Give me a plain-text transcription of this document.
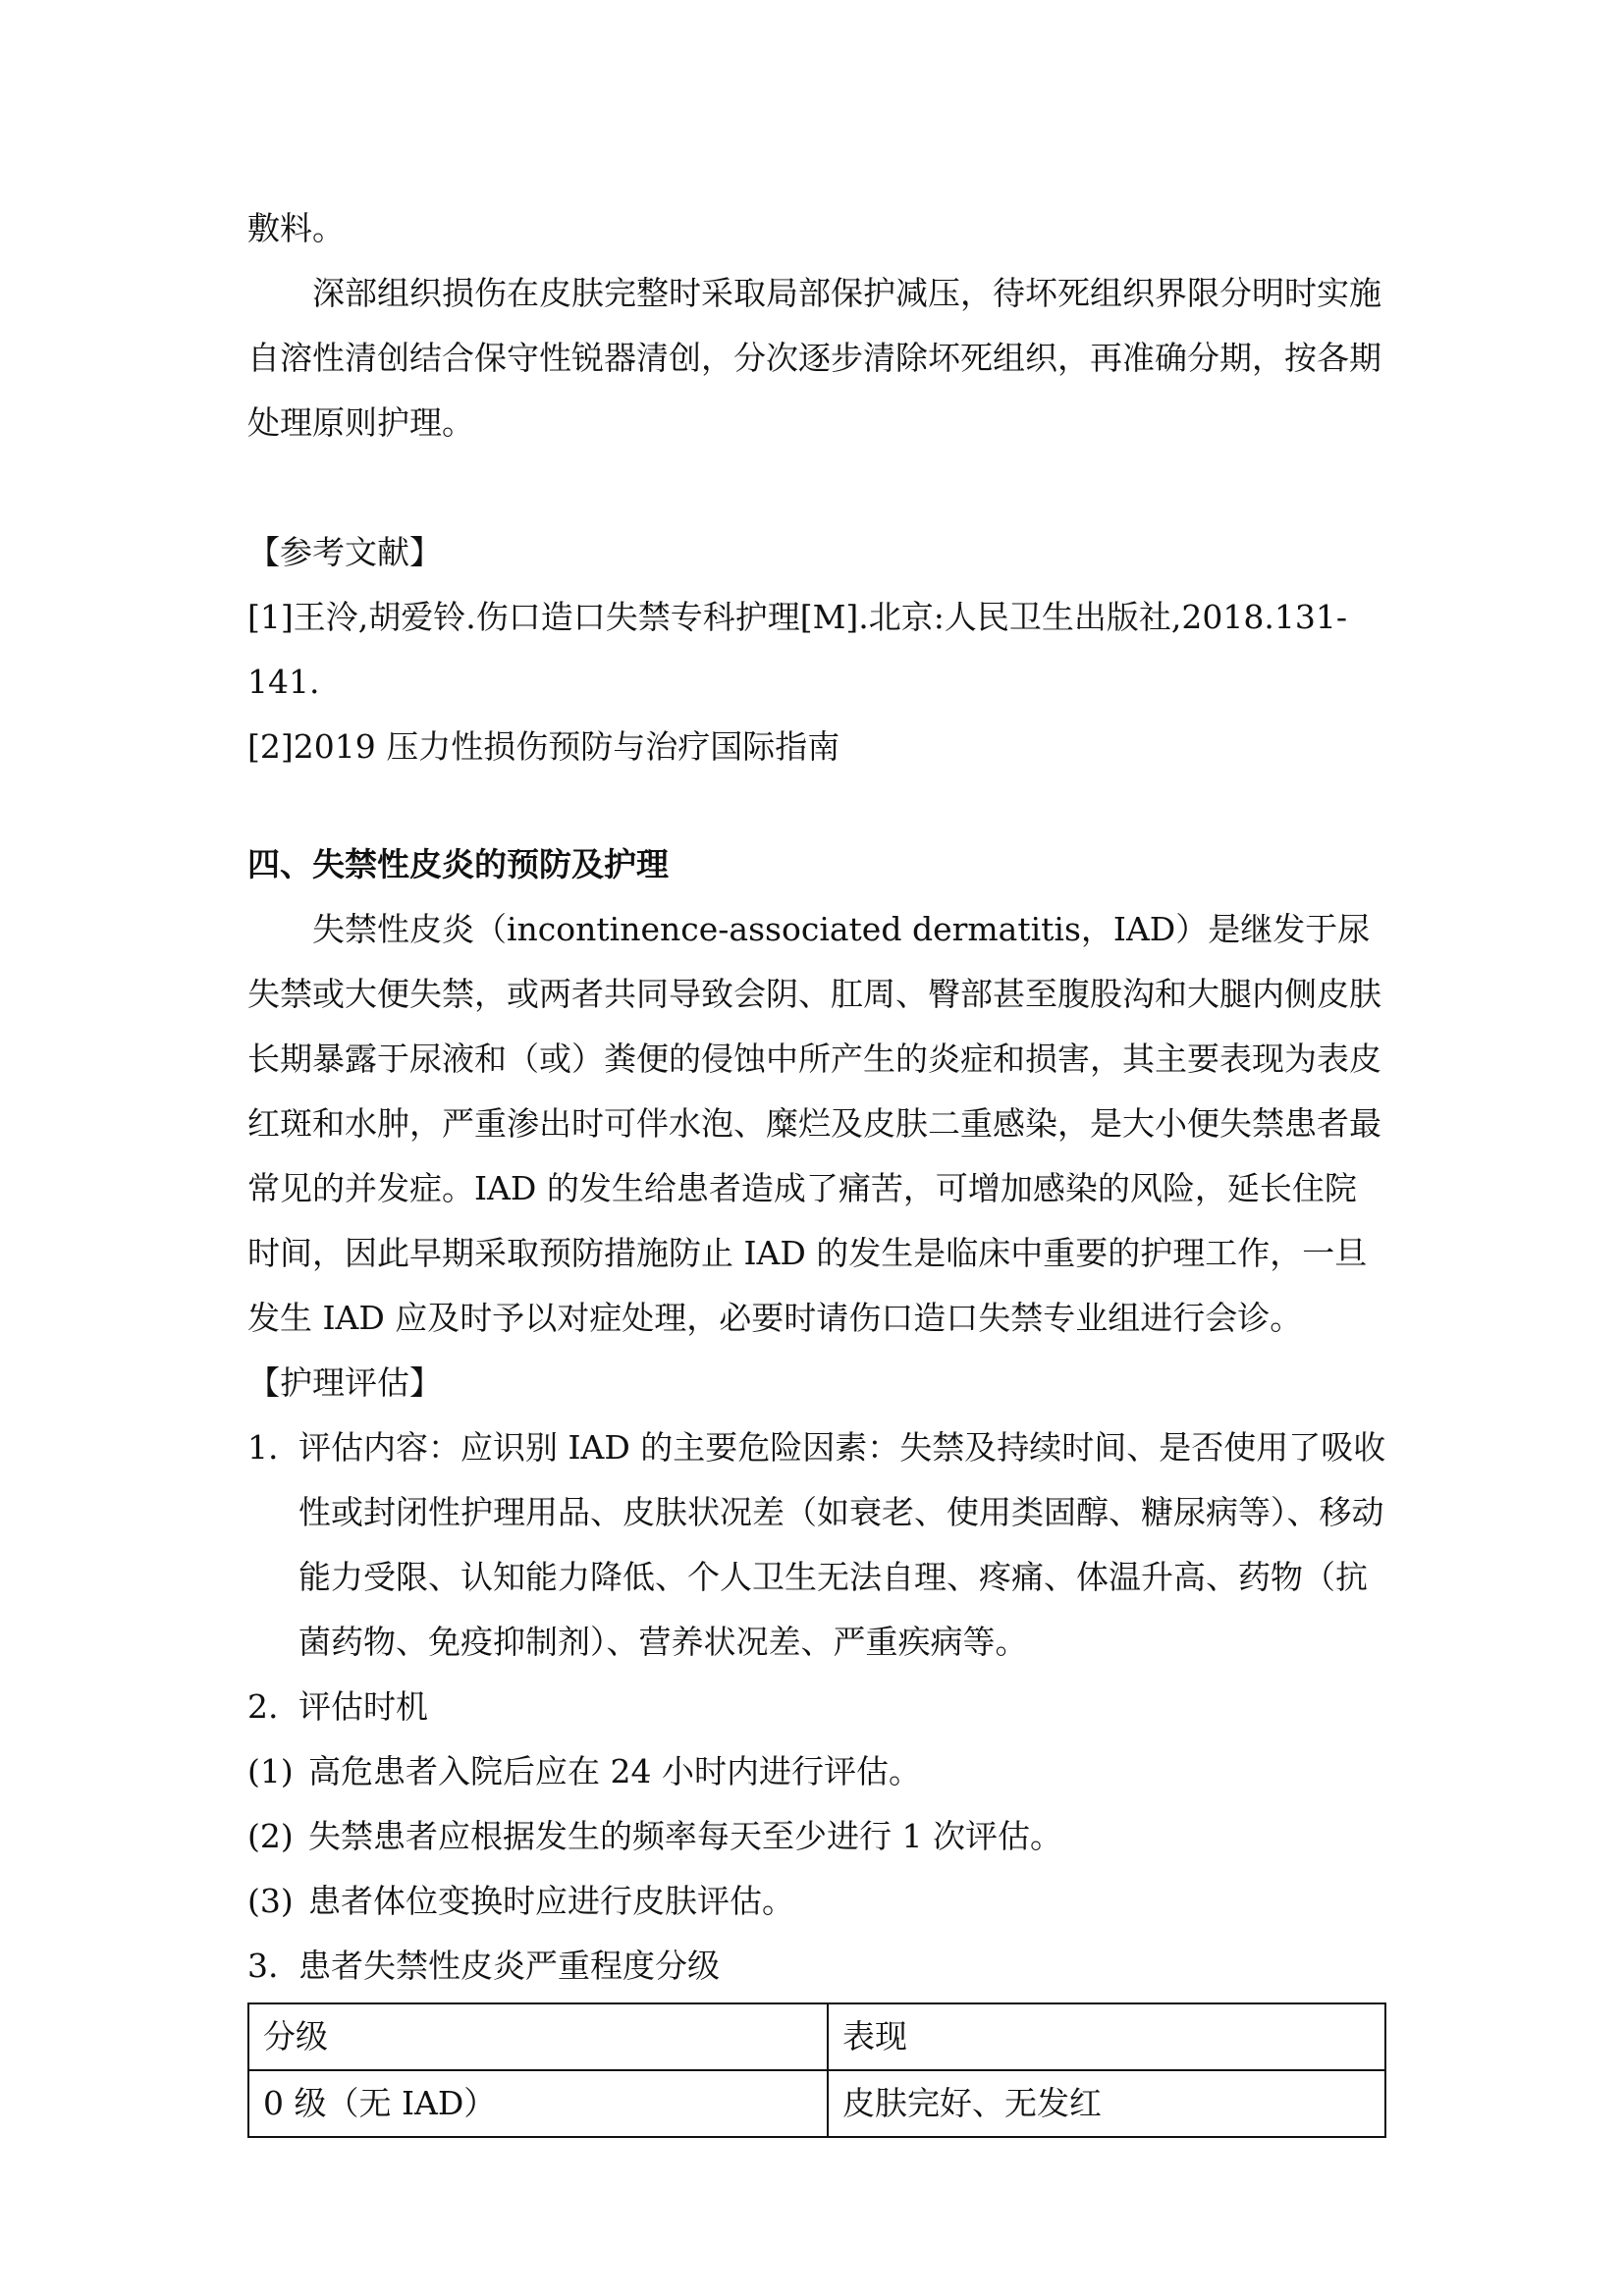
敷料。

深部组织损伤在皮肤完整时采取局部保护减压，待坏死组织界限分明时实施自溶性清创结合保守性锐器清创，分次逐步清除坏死组织，再准确分期，按各期处理原则护理。

【参考文献】

[1]王泠,胡爱铃.伤口造口失禁专科护理[M].北京:人民卫生出版社,2018.131-141.

[2]2019 压力性损伤预防与治疗国际指南

四、失禁性皮炎的预防及护理

失禁性皮炎（incontinence-associated dermatitis，IAD）是继发于尿失禁或大便失禁，或两者共同导致会阴、肛周、臀部甚至腹股沟和大腿内侧皮肤长期暴露于尿液和（或）粪便的侵蚀中所产生的炎症和损害，其主要表现为表皮红斑和水肿，严重渗出时可伴水泡、糜烂及皮肤二重感染，是大小便失禁患者最常见的并发症。IAD 的发生给患者造成了痛苦，可增加感染的风险，延长住院时间，因此早期采取预防措施防止 IAD 的发生是临床中重要的护理工作，一旦发生 IAD 应及时予以对症处理，必要时请伤口造口失禁专业组进行会诊。

【护理评估】

1. 评估内容：应识别 IAD 的主要危险因素：失禁及持续时间、是否使用了吸收性或封闭性护理用品、皮肤状况差（如衰老、使用类固醇、糖尿病等）、移动能力受限、认知能力降低、个人卫生无法自理、疼痛、体温升高、药物（抗菌药物、免疫抑制剂）、营养状况差、严重疾病等。
2. 评估时机
(1) 高危患者入院后应在 24 小时内进行评估。
(2) 失禁患者应根据发生的频率每天至少进行 1 次评估。
(3) 患者体位变换时应进行皮肤评估。
3. 患者失禁性皮炎严重程度分级
分级	表现
0 级（无 IAD）	皮肤完好、无发红
